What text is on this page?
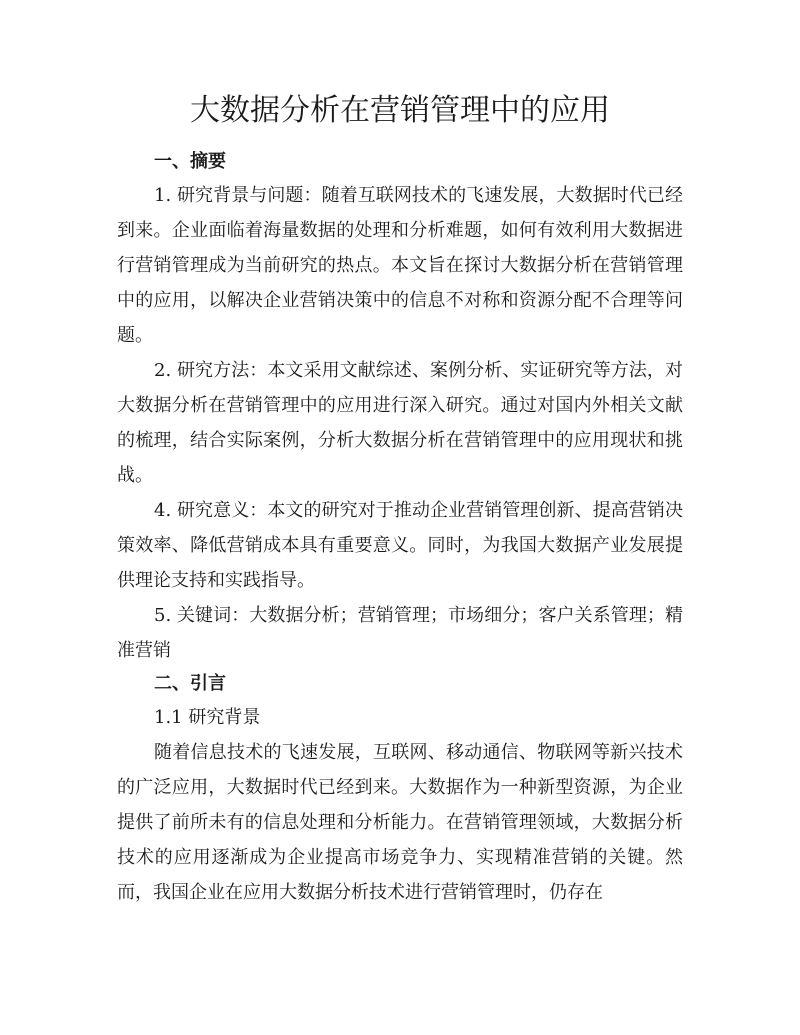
大数据分析在营销管理中的应用
一、摘要

1. 研究背景与问题：随着互联网技术的飞速发展，大数据时代已经到来。企业面临着海量数据的处理和分析难题，如何有效利用大数据进行营销管理成为当前研究的热点。本文旨在探讨大数据分析在营销管理中的应用，以解决企业营销决策中的信息不对称和资源分配不合理等问题。

2. 研究方法：本文采用文献综述、案例分析、实证研究等方法，对大数据分析在营销管理中的应用进行深入研究。通过对国内外相关文献的梳理，结合实际案例，分析大数据分析在营销管理中的应用现状和挑战。

4. 研究意义：本文的研究对于推动企业营销管理创新、提高营销决策效率、降低营销成本具有重要意义。同时，为我国大数据产业发展提供理论支持和实践指导。

5. 关键词：大数据分析；营销管理；市场细分；客户关系管理；精准营销

二、引言
1.1 研究背景

随着信息技术的飞速发展，互联网、移动通信、物联网等新兴技术的广泛应用，大数据时代已经到来。大数据作为一种新型资源，为企业提供了前所未有的信息处理和分析能力。在营销管理领域，大数据分析技术的应用逐渐成为企业提高市场竞争力、实现精准营销的关键。然而，我国企业在应用大数据分析技术进行营销管理时，仍存在
